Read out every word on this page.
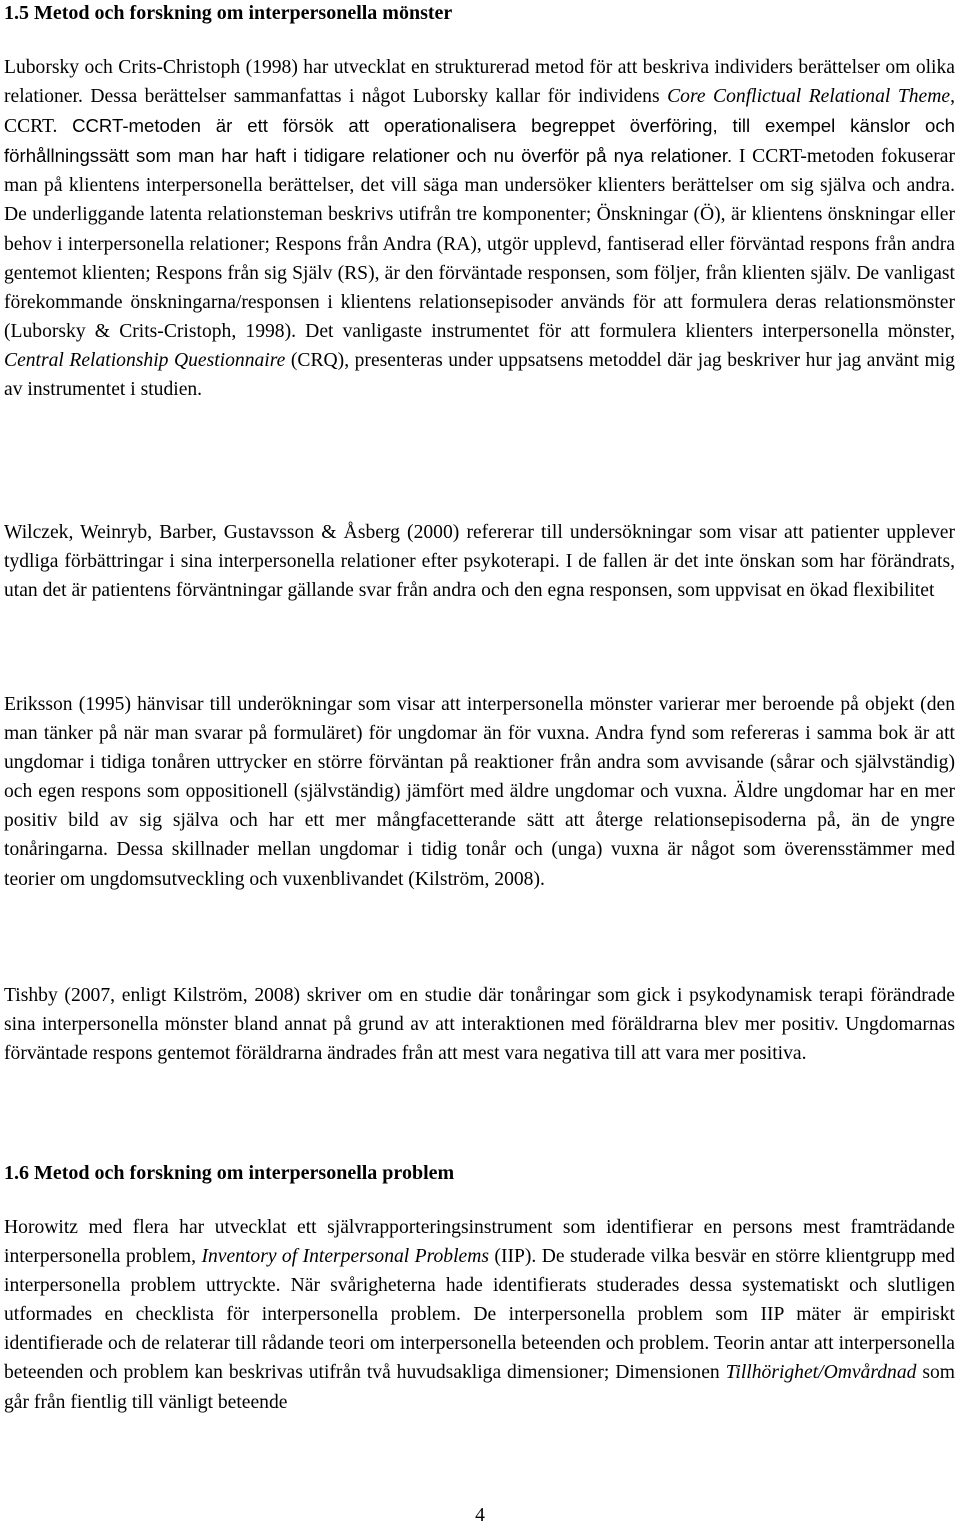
1.5 Metod och forskning om interpersonella mönster

Luborsky och Crits-Christoph (1998) har utvecklat en strukturerad metod för att beskriva individers berättelser om olika relationer. Dessa berättelser sammanfattas i något Luborsky kallar för individens Core Conflictual Relational Theme, CCRT. CCRT-metoden är ett försök att operationalisera begreppet överföring, till exempel känslor och förhållningssätt som man har haft i tidigare relationer och nu överför på nya relationer. I CCRT-metoden fokuserar man på klientens interpersonella berättelser, det vill säga man undersöker klienters berättelser om sig själva och andra. De underliggande latenta relationsteman beskrivs utifrån tre komponenter; Önskningar (Ö), är klientens önskningar eller behov i interpersonella relationer; Respons från Andra (RA), utgör upplevd, fantiserad eller förväntad respons från andra gentemot klienten; Respons från sig Själv (RS), är den förväntade responsen, som följer, från klienten själv. De vanligast förekommande önskningarna/responsen i klientens relationsepisoder används för att formulera deras relationsmönster (Luborsky & Crits-Cristoph, 1998). Det vanligaste instrumentet för att formulera klienters interpersonella mönster, Central Relationship Questionnaire (CRQ), presenteras under uppsatsens metoddel där jag beskriver hur jag använt mig av instrumentet i studien.

Wilczek, Weinryb, Barber, Gustavsson & Åsberg (2000) refererar till undersökningar som visar att patienter upplever tydliga förbättringar i sina interpersonella relationer efter psykoterapi. I de fallen är det inte önskan som har förändrats, utan det är patientens förväntningar gällande svar från andra och den egna responsen, som uppvisat en ökad flexibilitet

Eriksson (1995) hänvisar till underökningar som visar att interpersonella mönster varierar mer beroende på objekt (den man tänker på när man svarar på formuläret) för ungdomar än för vuxna. Andra fynd som refereras i samma bok är att ungdomar i tidiga tonåren uttrycker en större förväntan på reaktioner från andra som avvisande (sårar och självständig) och egen respons som oppositionell (självständig) jämfört med äldre ungdomar och vuxna. Äldre ungdomar har en mer positiv bild av sig själva och har ett mer mångfacetterande sätt att återge relationsepisoderna på, än de yngre tonåringarna. Dessa skillnader mellan ungdomar i tidig tonår och (unga) vuxna är något som överensstämmer med teorier om ungdomsutveckling och vuxenblivandet (Kilström, 2008).

Tishby (2007, enligt Kilström, 2008) skriver om en studie där tonåringar som gick i psykodynamisk terapi förändrade sina interpersonella mönster bland annat på grund av att interaktionen med föräldrarna blev mer positiv. Ungdomarnas förväntade respons gentemot föräldrarna ändrades från att mest vara negativa till att vara mer positiva.

1.6 Metod och forskning om interpersonella problem

Horowitz med flera har utvecklat ett självrapporteringsinstrument som identifierar en persons mest framträdande interpersonella problem, Inventory of Interpersonal Problems (IIP). De studerade vilka besvär en större klientgrupp med interpersonella problem uttryckte. När svårigheterna hade identifierats studerades dessa systematiskt och slutligen utformades en checklista för interpersonella problem. De interpersonella problem som IIP mäter är empiriskt identifierade och de relaterar till rådande teori om interpersonella beteenden och problem. Teorin antar att interpersonella beteenden och problem kan beskrivas utifrån två huvudsakliga dimensioner; Dimensionen Tillhörighet/Omvårdnad som går från fientlig till vänligt beteende

4
